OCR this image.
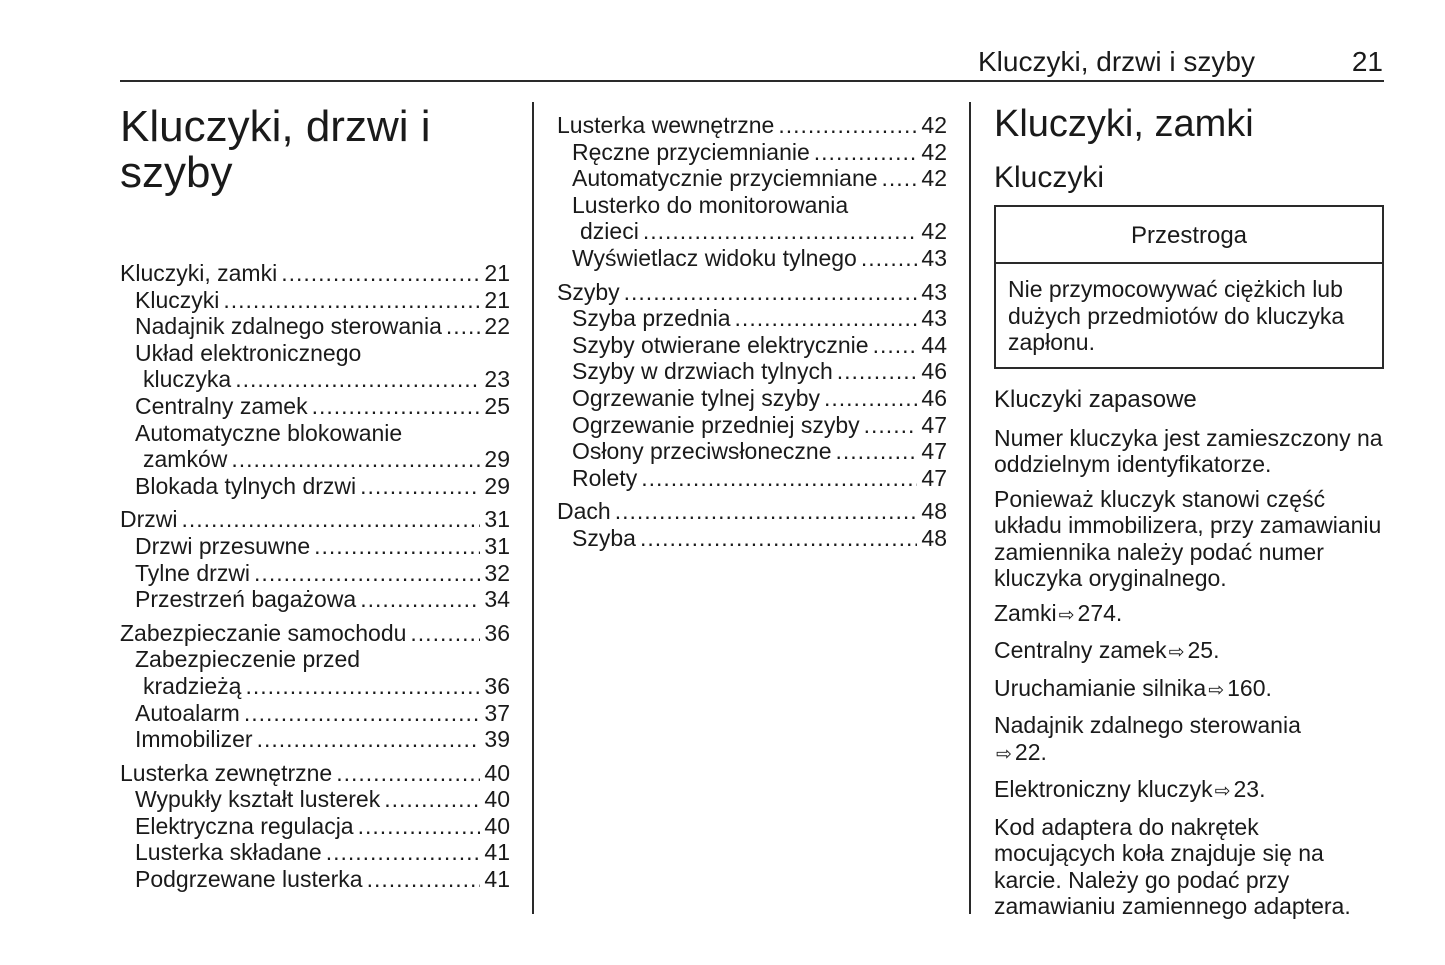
Kluczyki, drzwi i szyby	21
Kluczyki, drzwi i szyby
Kluczyki, zamki .....	21
Kluczyki .....	21
Nadajnik zdalnego sterowania ..... 22
Układ elektronicznego
kluczyka .....	23
Centralny zamek .....	25
Automatyczne blokowanie
zamków .....	29
Blokada tylnych drzwi .....	29
Drzwi .....	31
Drzwi przesuwne .....	31
Tylne drzwi .....	32
Przestrzeń bagażowa .....	34
Zabezpieczanie samochodu .....	36
Zabezpieczenie przed
kradzieżą .....	36
Autoalarm .....	37
Immobilizer .....	39
Lusterka zewnętrzne .....	40
Wypukły kształt lusterek .....	40
Elektryczna regulacja .....	40
Lusterka składane .....	41
Podgrzewane lusterka .....	41
Lusterka wewnętrzne .....	42
Ręczne przyciemnianie .....	42
Automatycznie przyciemniane ..... 42
Lusterko do monitorowania
dzieci .....	42
Wyświetlacz widoku tylnego .....	43
Szyby .....	43
Szyba przednia .....	43
Szyby otwierane elektrycznie ..... 44
Szyby w drzwiach tylnych .....	46
Ogrzewanie tylnej szyby .....	46
Ogrzewanie przedniej szyby .....	47
Osłony przeciwsłoneczne .....	47
Rolety .....	47
Dach .....	48
Szyba .....	48
Kluczyki, zamki
Kluczyki
Przestroga
Nie przymocowywać ciężkich lub dużych przedmiotów do kluczyka zapłonu.
Kluczyki zapasowe

Numer kluczyka jest zamieszczony na oddzielnym identyfikatorze.

Ponieważ kluczyk stanowi część układu immobilizera, przy zamawianiu zamiennika należy podać numer kluczyka oryginalnego.

Zamki ⇨ 274.

Centralny zamek ⇨ 25.

Uruchamianie silnika ⇨ 160.

Nadajnik zdalnego sterowania
⇨ 22.

Elektroniczny kluczyk ⇨ 23.

Kod adaptera do nakrętek mocujących koła znajduje się na karcie. Należy go podać przy zamawianiu zamiennego adaptera.
